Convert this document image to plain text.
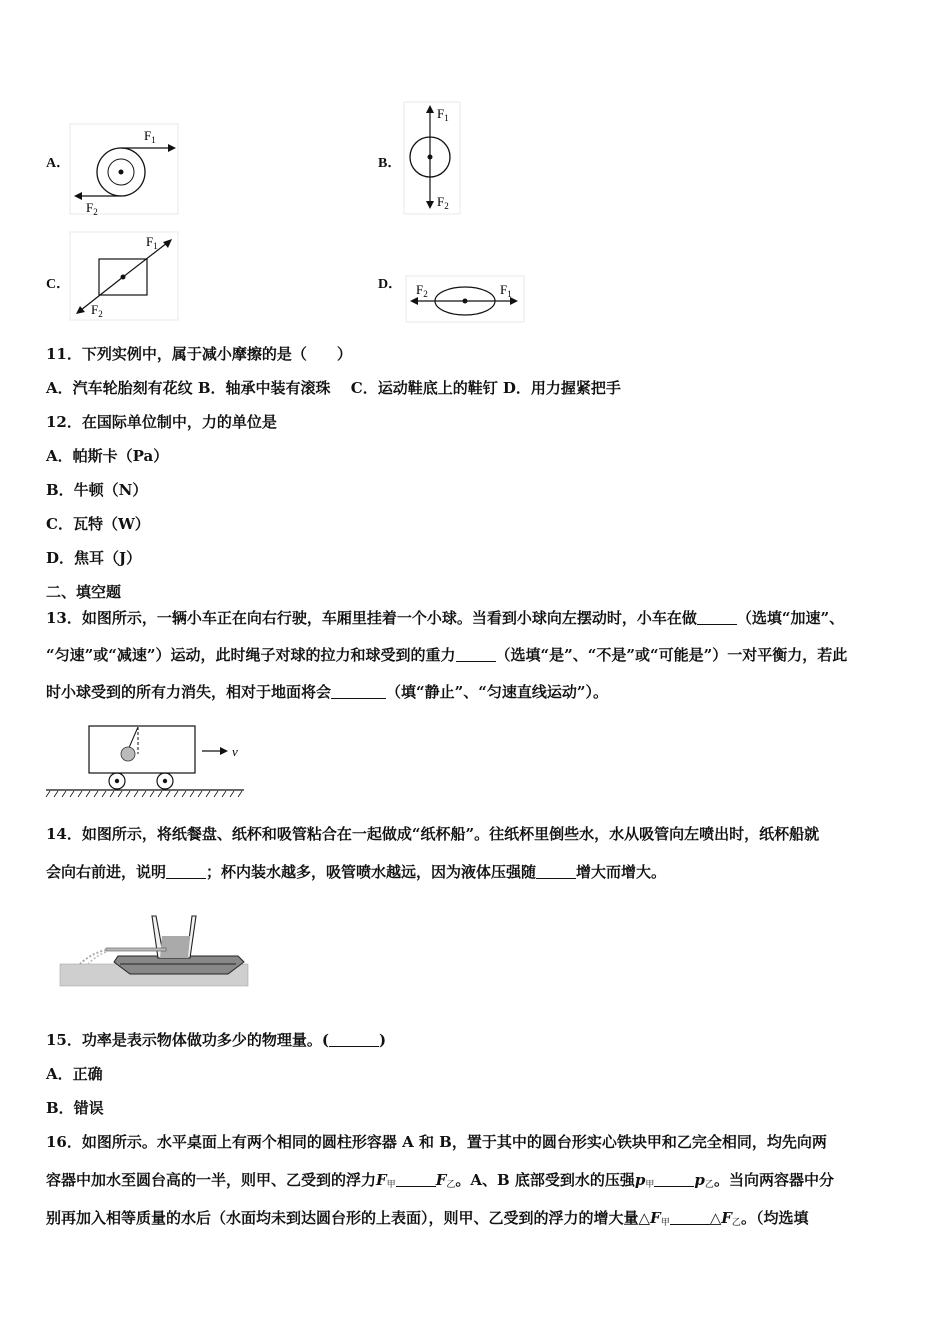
A．
$F_1$
$F_2$
B．
$F_1$
$F_2$
C．
$F_1$
$F_2$
D．	$F_1$
$F_2$
11．下列实例中，属于减小摩擦的是（　　）
A．汽车轮胎刻有花纹 B．轴承中装有滚珠　 C．运动鞋底上的鞋钉 D．用力握紧把手
12．在国际单位制中，力的单位是
A．帕斯卡（Pa）
B．牛顿（N）
C．瓦特（W）
D．焦耳（J）
二、填空题
13．如图所示，一辆小车正在向右行驶，车厢里挂着一个小球。当看到小球向左摆动时，小车在做	（选填“加速”、
“匀速”或“减速”）运动，此时绳子对球的拉力和球受到的重力	（选填“是”、“不是”或“可能是”）一对平衡力，若此
时小球受到的所有力消失，相对于地面将会	（填“静止”、“匀速直线运动”）。
v
14．如图所示，将纸餐盘、纸杯和吸管粘合在一起做成“纸杯船”。往纸杯里倒些水，水从吸管向左喷出时，纸杯船就
会向右前进，说明	；杯内装水越多，吸管喷水越远，因为液体压强随	增大而增大。
15．功率是表示物体做功多少的物理量。(	)
A．正确
B．错误
16．如图所示。水平桌面上有两个相同的圆柱形容器 A 和 B，置于其中的圆台形实心铁块甲和乙完全相同，均先向两
容器中加水至圆台高的一半，则甲、乙受到的浮力$F_甲$	$F_乙$。A、B 底部受到水的压强$p_甲$	$p_乙$。当向两容器中分
别再加入相等质量的水后（水面均未到达圆台形的上表面），则甲、乙受到的浮力的增大量$\triangle F_甲$	$\triangle F_乙$。（均选填
